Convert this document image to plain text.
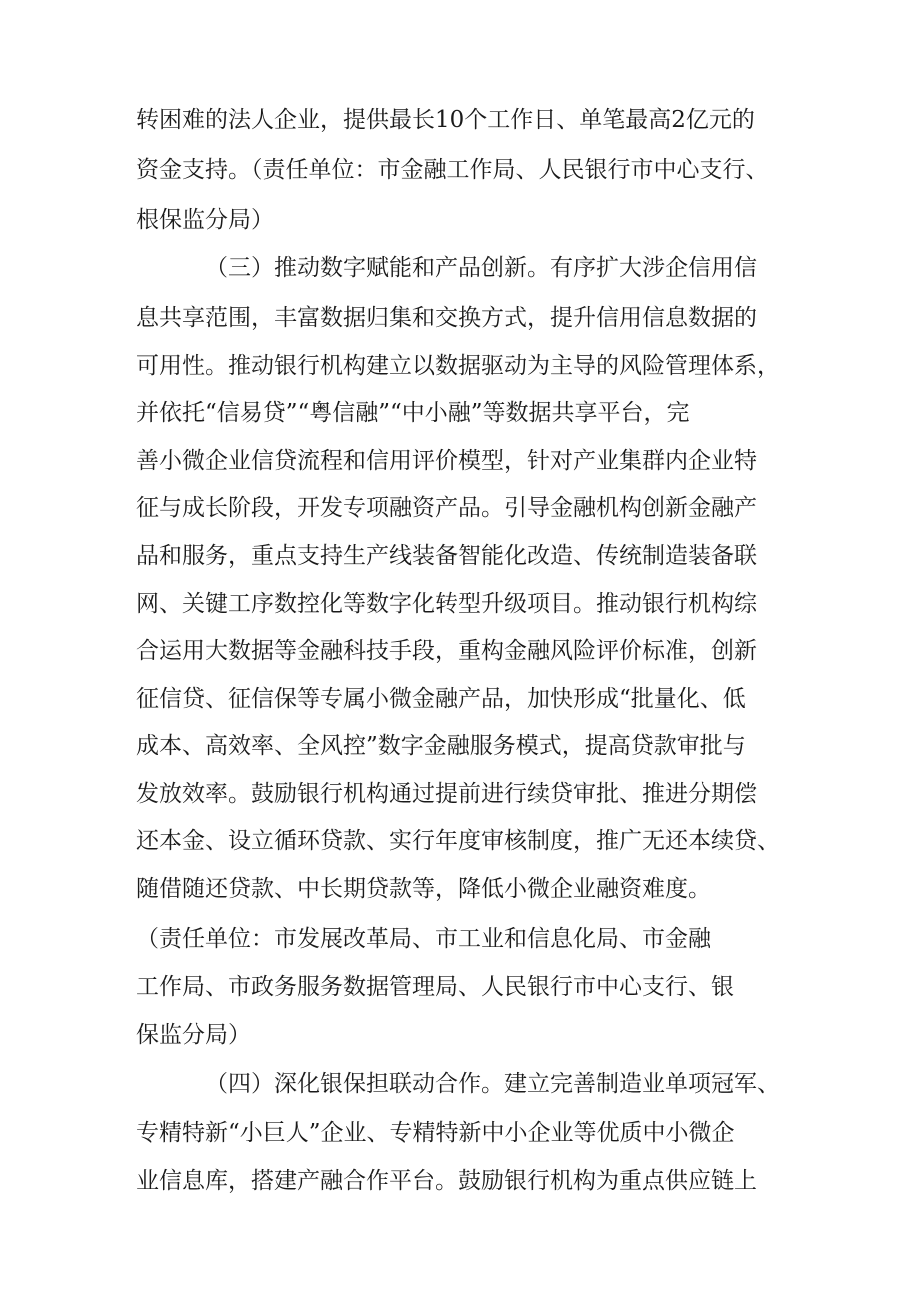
转困难的法人企业，提供最长10个工作日、单笔最高2亿元的
资金支持。（责任单位：市金融工作局、人民银行市中心支行、
根保监分局）
（三）推动数字赋能和产品创新。有序扩大涉企信用信
息共享范围，丰富数据归集和交换方式，提升信用信息数据的
可用性。推动银行机构建立以数据驱动为主导的风险管理体系，
并依托“信易贷”“粤信融”“中小融”等数据共享平台，完
善小微企业信贷流程和信用评价模型，针对产业集群内企业特
征与成长阶段，开发专项融资产品。引导金融机构创新金融产
品和服务，重点支持生产线装备智能化改造、传统制造装备联
网、关键工序数控化等数字化转型升级项目。推动银行机构综
合运用大数据等金融科技手段，重构金融风险评价标准，创新
征信贷、征信保等专属小微金融产品，加快形成“批量化、低
成本、高效率、全风控”数字金融服务模式，提高贷款审批与
发放效率。鼓励银行机构通过提前进行续贷审批、推进分期偿
还本金、设立循环贷款、实行年度审核制度，推广无还本续贷、
随借随还贷款、中长期贷款等，降低小微企业融资难度。
（责任单位：市发展改革局、市工业和信息化局、市金融
工作局、市政务服务数据管理局、人民银行市中心支行、银
保监分局）
（四）深化银保担联动合作。建立完善制造业单项冠军、
专精特新“小巨人”企业、专精特新中小企业等优质中小微企
业信息库，搭建产融合作平台。鼓励银行机构为重点供应链上
